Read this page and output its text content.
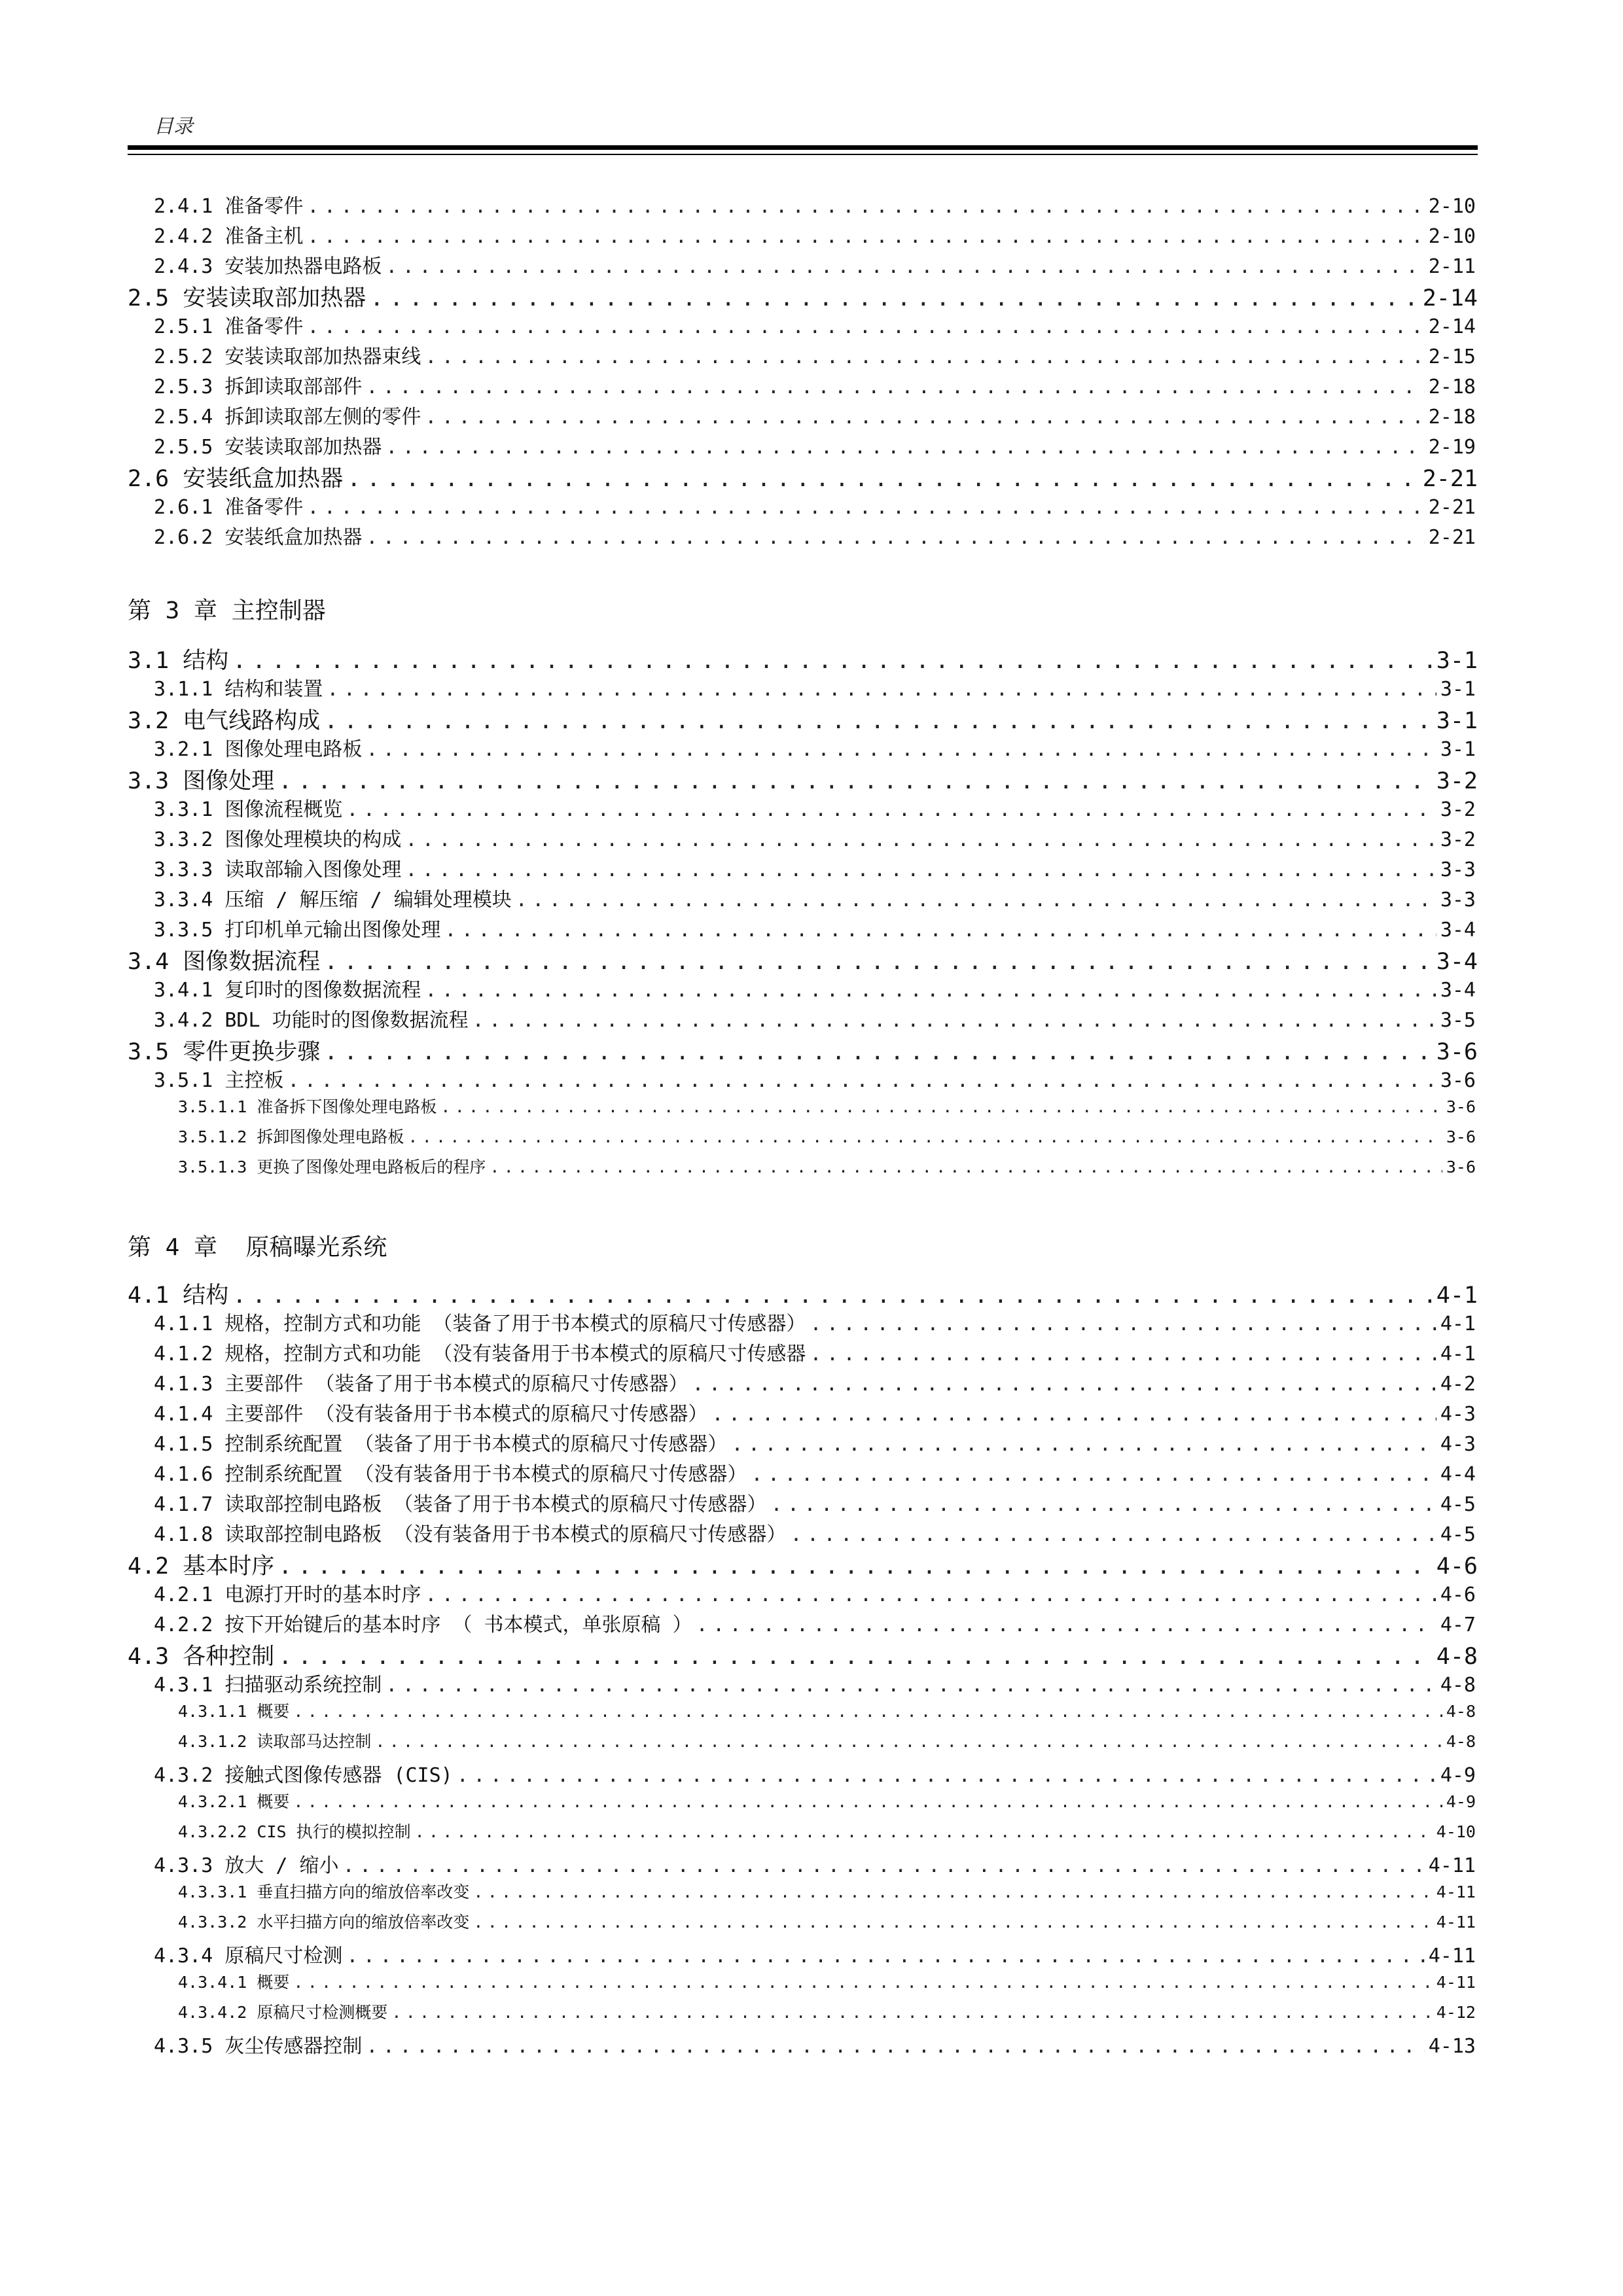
目录
第 3 章 主控制器
第 4 章  原稿曝光系统
2.4.1 准备零件 .....	2-10
2.4.2 准备主机 .....	2-10
2.4.3 安装加热器电路板 .....	2-11
2.5 安装读取部加热器 .....	2-14
2.5.1 准备零件 .....	2-14
2.5.2 安装读取部加热器束线 .....	2-15
2.5.3 拆卸读取部部件 .....	2-18
2.5.4 拆卸读取部左侧的零件 .....	2-18
2.5.5 安装读取部加热器 .....	2-19
2.6 安装纸盒加热器 .....	2-21
2.6.1 准备零件 .....	2-21
2.6.2 安装纸盒加热器 .....	2-21
3.1 结构 .....	3-1
3.1.1 结构和装置 .....	3-1
3.2 电气线路构成 .....	3-1
3.2.1 图像处理电路板 .....	3-1
3.3 图像处理 .....	3-2
3.3.1 图像流程概览 .....	3-2
3.3.2 图像处理模块的构成 .....	3-2
3.3.3 读取部输入图像处理 .....	3-3
3.3.4 压缩 / 解压缩 / 编辑处理模块 .....	3-3
3.3.5 打印机单元输出图像处理 .....	3-4
3.4 图像数据流程 .....	3-4
3.4.1 复印时的图像数据流程 .....	3-4
3.4.2 BDL 功能时的图像数据流程 .....	3-5
3.5 零件更换步骤 .....	3-6
3.5.1 主控板 .....	3-6
3.5.1.1 准备拆下图像处理电路板 .....	3-6
3.5.1.2 拆卸图像处理电路板 .....	3-6
3.5.1.3 更换了图像处理电路板后的程序 .....	3-6
4.1 结构 .....	4-1
4.1.1 规格，控制方式和功能 （装备了用于书本模式的原稿尺寸传感器） .....	4-1
4.1.2 规格，控制方式和功能 （没有装备用于书本模式的原稿尺寸传感器 .....	4-1
4.1.3 主要部件 （装备了用于书本模式的原稿尺寸传感器） .....	4-2
4.1.4 主要部件 （没有装备用于书本模式的原稿尺寸传感器） .....	4-3
4.1.5 控制系统配置 （装备了用于书本模式的原稿尺寸传感器） .....	4-3
4.1.6 控制系统配置 （没有装备用于书本模式的原稿尺寸传感器） .....	4-4
4.1.7 读取部控制电路板 （装备了用于书本模式的原稿尺寸传感器） .....	4-5
4.1.8 读取部控制电路板 （没有装备用于书本模式的原稿尺寸传感器） .....	4-5
4.2 基本时序 .....	4-6
4.2.1 电源打开时的基本时序 .....	4-6
4.2.2 按下开始键后的基本时序 （ 书本模式，单张原稿 ） .....	4-7
4.3 各种控制 .....	4-8
4.3.1 扫描驱动系统控制 .....	4-8
4.3.1.1 概要 .....	4-8
4.3.1.2 读取部马达控制 .....	4-8
4.3.2 接触式图像传感器 (CIS) .....	4-9
4.3.2.1 概要 .....	4-9
4.3.2.2 CIS 执行的模拟控制 .....	4-10
4.3.3 放大 / 缩小 .....	4-11
4.3.3.1 垂直扫描方向的缩放倍率改变 .....	4-11
4.3.3.2 水平扫描方向的缩放倍率改变 .....	4-11
4.3.4 原稿尺寸检测 .....	4-11
4.3.4.1 概要 .....	4-11
4.3.4.2 原稿尺寸检测概要 .....	4-12
4.3.5 灰尘传感器控制 .....	4-13
